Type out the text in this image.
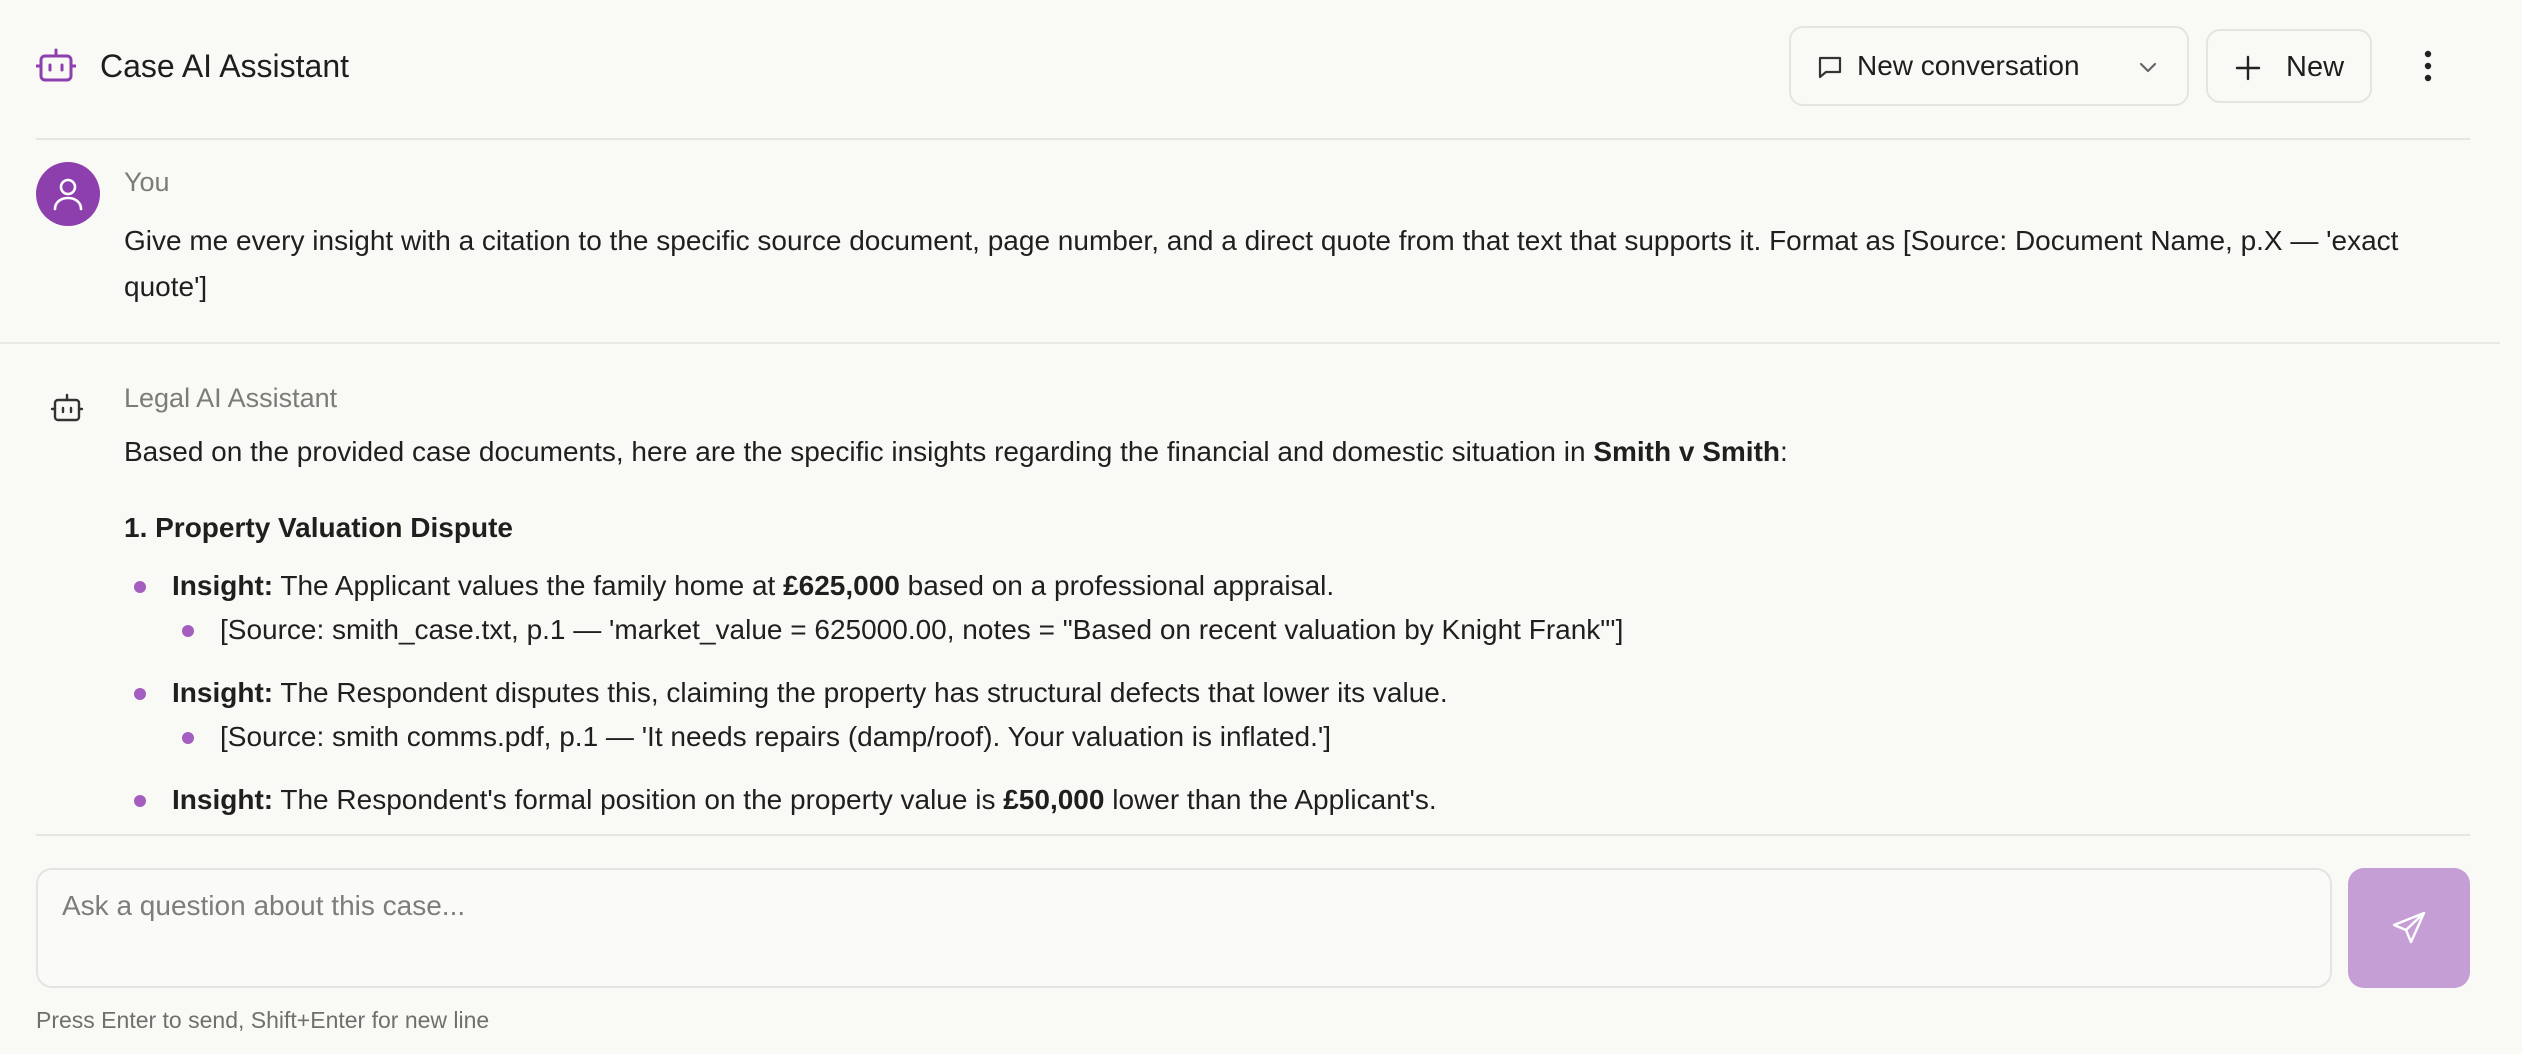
Case AI Assistant	New conversation	New
You
Give me every insight with a citation to the specific source document, page number, and a direct quote from that text that supports it. Format as [Source: Document Name, p.X — 'exact quote']
Legal AI Assistant
Based on the provided case documents, here are the specific insights regarding the financial and domestic situation in Smith v Smith:
1. Property Valuation Dispute
Insight: The Applicant values the family home at £625,000 based on a professional appraisal.
[Source: smith_case.txt, p.1 — 'market_value = 625000.00, notes = "Based on recent valuation by Knight Frank"']
Insight: The Respondent disputes this, claiming the property has structural defects that lower its value.
[Source: smith comms.pdf, p.1 — 'It needs repairs (damp/roof). Your valuation is inflated.']
Insight: The Respondent's formal position on the property value is £50,000 lower than the Applicant's.
Ask a question about this case...
Press Enter to send, Shift+Enter for new line
